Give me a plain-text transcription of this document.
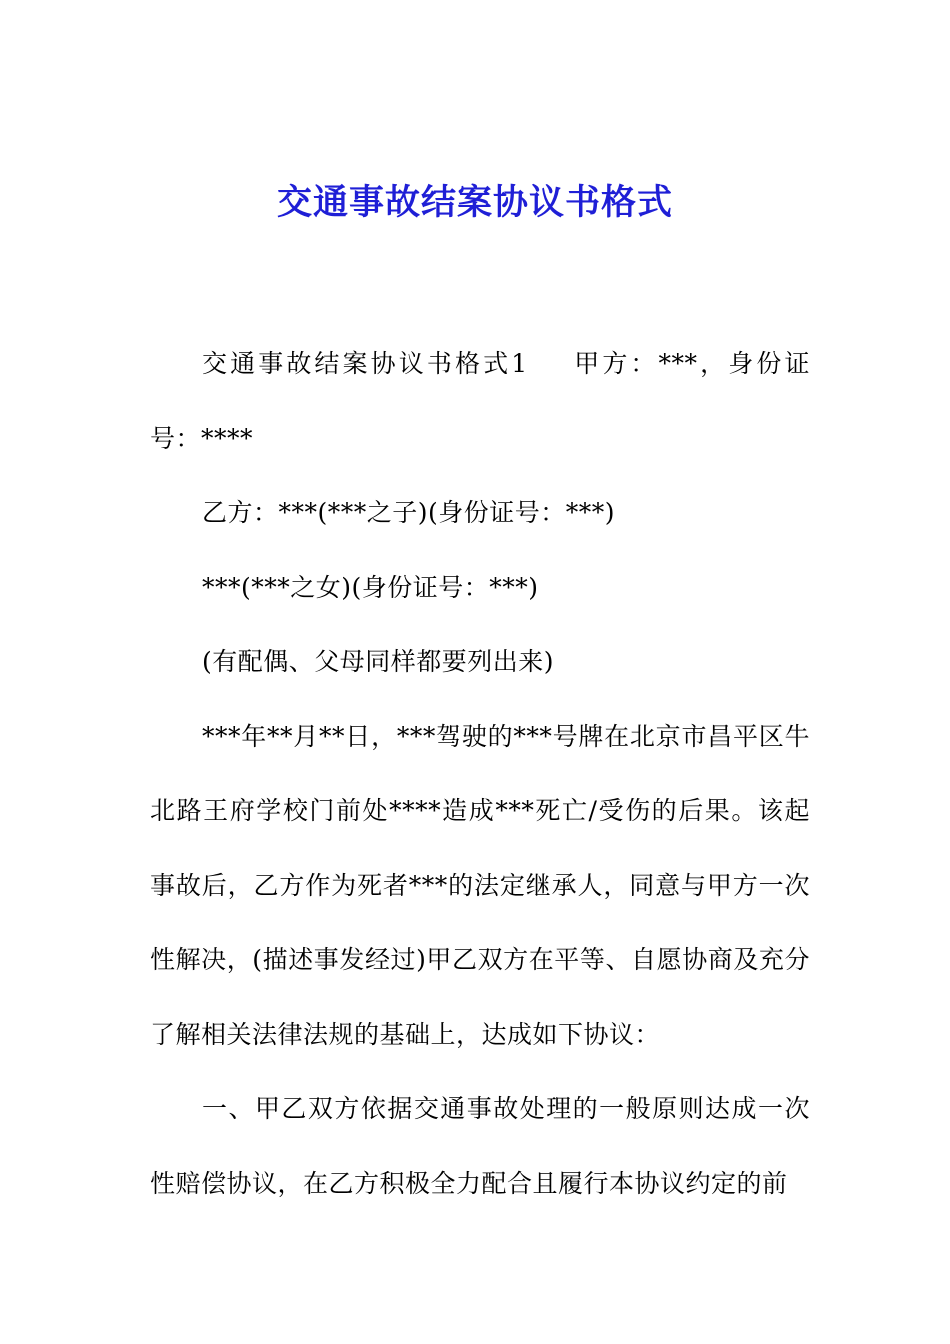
交通事故结案协议书格式

交通事故结案协议书格式1 甲方：***，身份证号：****

乙方：***(***之子)(身份证号：***)

***(***之女)(身份证号：***)

(有配偶、父母同样都要列出来)

***年**月**日，***驾驶的***号牌在北京市昌平区牛北路王府学校门前处****造成***死亡/受伤的后果。该起事故后，乙方作为死者***的法定继承人，同意与甲方一次性解决，(描述事发经过)甲乙双方在平等、自愿协商及充分了解相关法律法规的基础上，达成如下协议：

一、甲乙双方依据交通事故处理的一般原则达成一次性赔偿协议，在乙方积极全力配合且履行本协议约定的前
